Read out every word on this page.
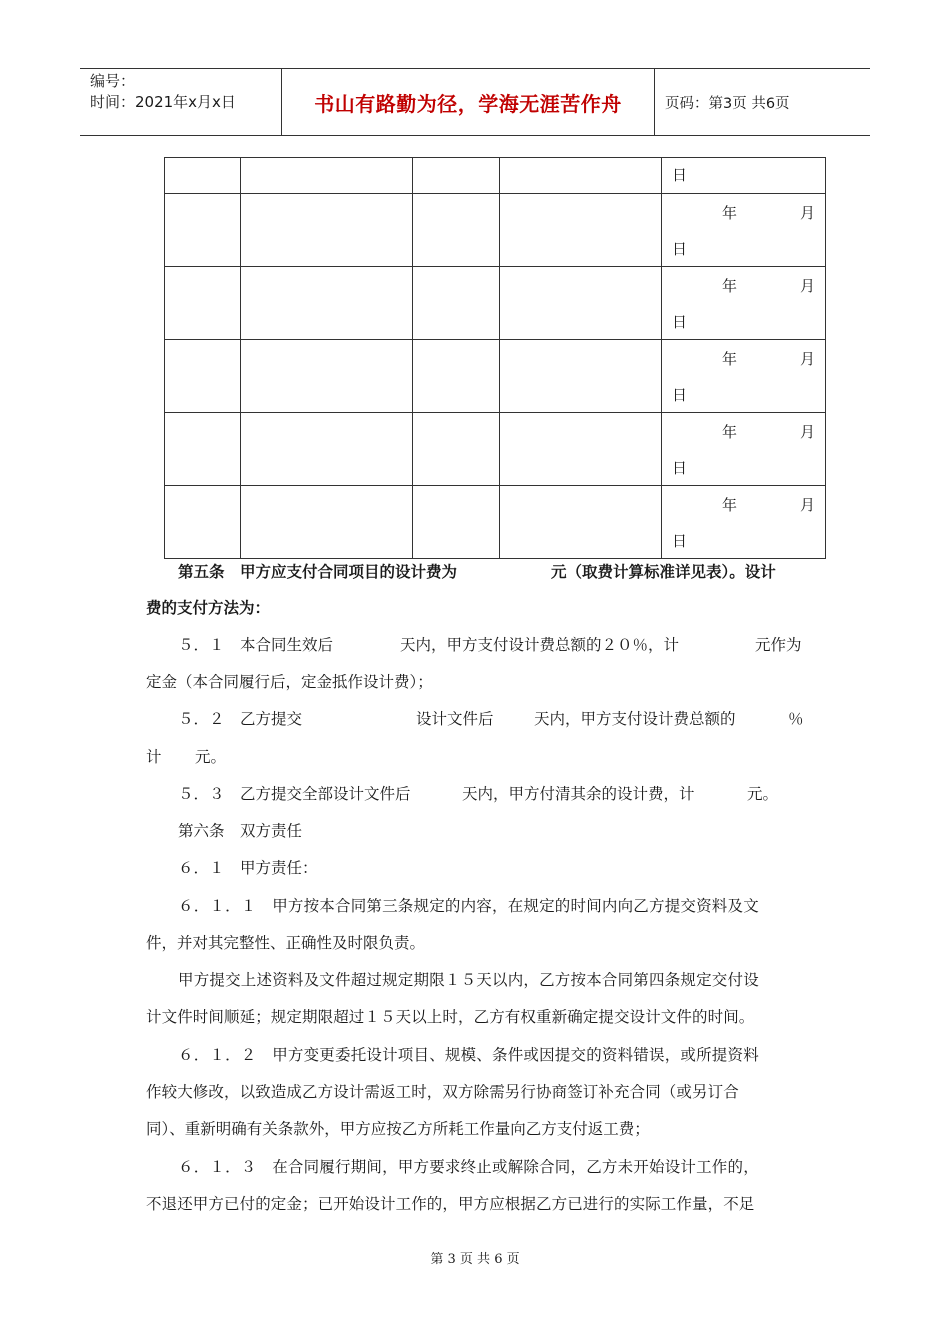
编号：
时间：2021年x月x日	书山有路勤为径，学海无涯苦作舟	页码：第3页 共6页

				日

				年 月
日

				年 月
日

				年 月
日

				年 月
日

				年 月
日
第五条　甲方应支付合同项目的设计费为	元（取费计算标准详见表）。设计
费的支付方法为：
５．１　本合同生效后	天内，甲方支付设计费总额的２０％，计	元作为
定金（本合同履行后，定金抵作设计费）；
５．２　乙方提交	设计文件后	天内，甲方支付设计费总额的	％
计 元。
５．３　乙方提交全部设计文件后	天内，甲方付清其余的设计费，计	元。
第六条　双方责任
６．１　甲方责任：
６．１．１　甲方按本合同第三条规定的内容，在规定的时间内向乙方提交资料及文
件，并对其完整性、正确性及时限负责。
甲方提交上述资料及文件超过规定期限１５天以内，乙方按本合同第四条规定交付设
计文件时间顺延；规定期限超过１５天以上时，乙方有权重新确定提交设计文件的时间。
６．１．２　甲方变更委托设计项目、规模、条件或因提交的资料错误，或所提资料
作较大修改，以致造成乙方设计需返工时，双方除需另行协商签订补充合同（或另订合
同）、重新明确有关条款外，甲方应按乙方所耗工作量向乙方支付返工费；
６．１．３　在合同履行期间，甲方要求终止或解除合同，乙方未开始设计工作的，
不退还甲方已付的定金；已开始设计工作的，甲方应根据乙方已进行的实际工作量，不足
第 3 页 共 6 页
